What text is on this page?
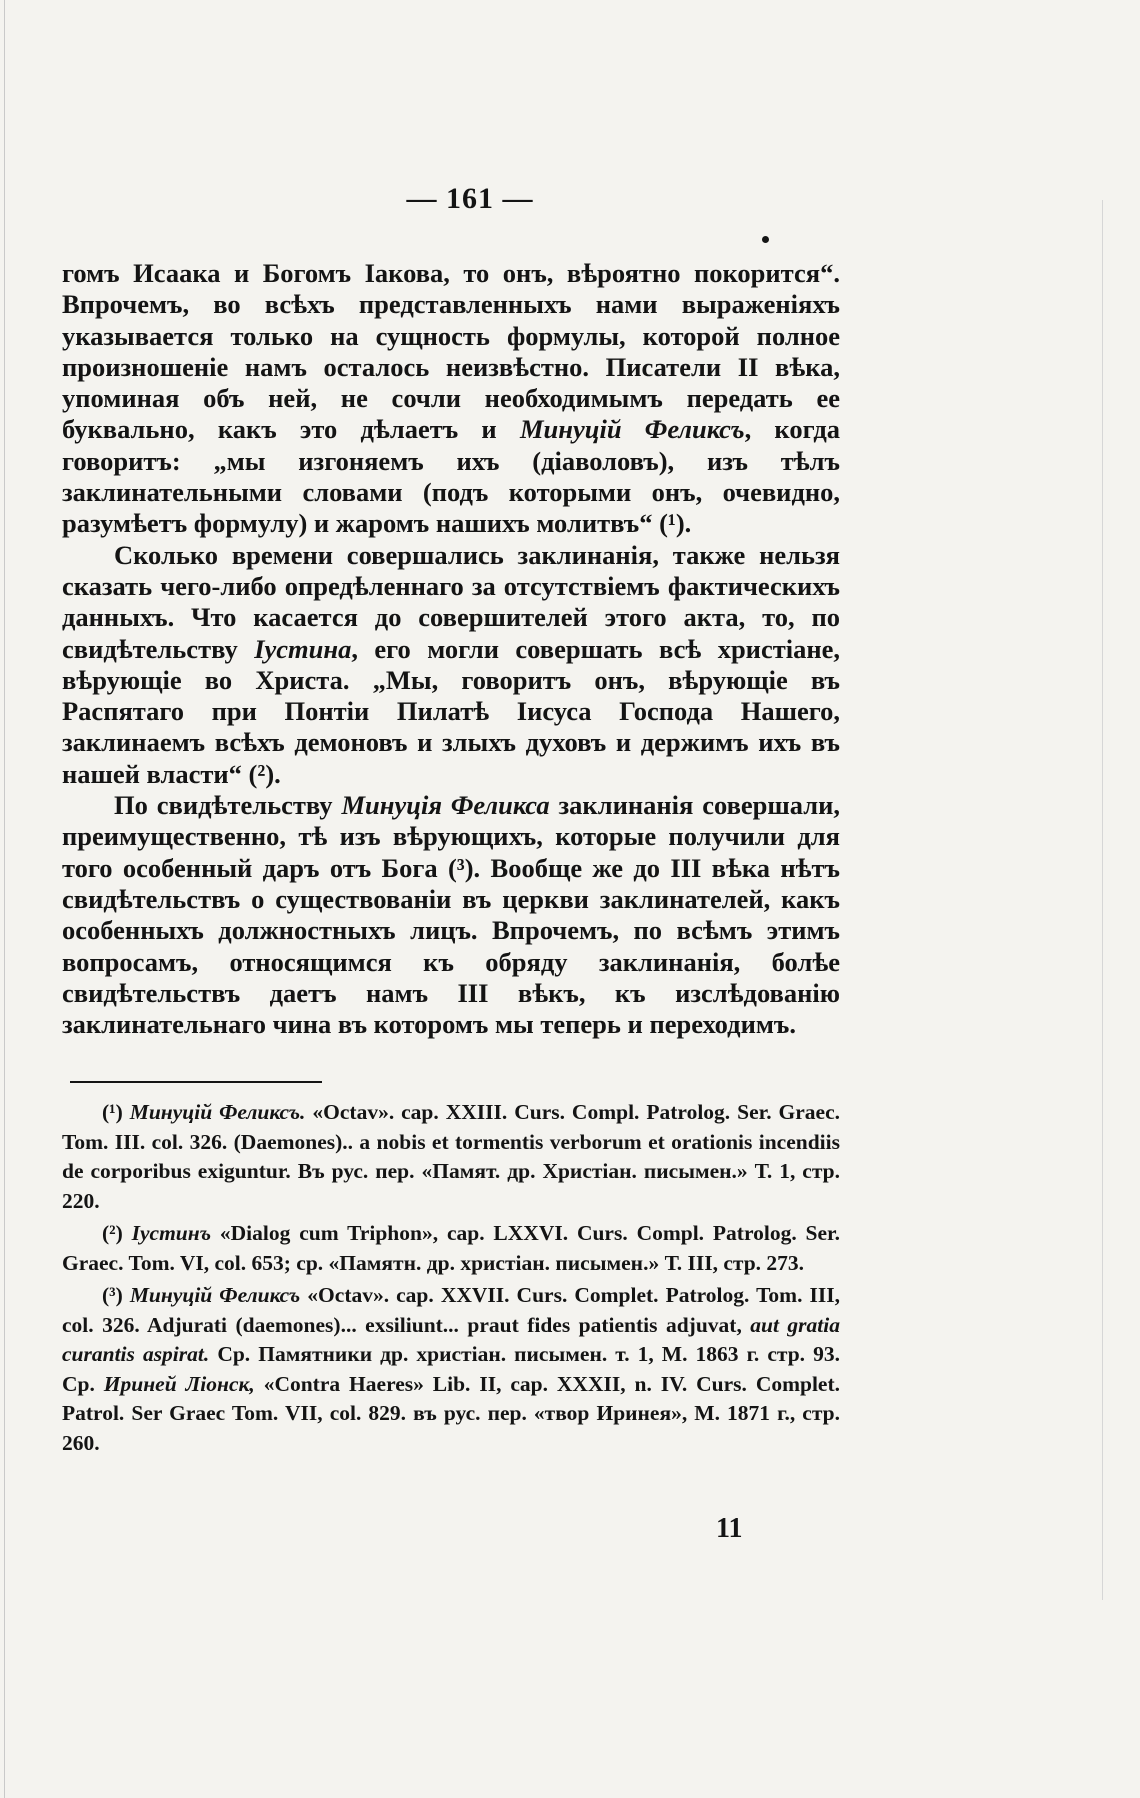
— 161 —

гомъ Исаака и Богомъ Іакова, то онъ, вѣроятно покорится“. Впрочемъ, во всѣхъ представленныхъ нами выраженіяхъ указывается только на сущность формулы, которой полное произношеніе намъ осталось неизвѣстно. Писатели II вѣка, упоминая объ ней, не сочли необходимымъ передать ее буквально, какъ это дѣлаетъ и Минуцій Феликсъ, когда говоритъ: „мы изгоняемъ ихъ (діаволовъ), изъ тѣлъ заклинательными словами (подъ которыми онъ, очевидно, разумѣетъ формулу) и жаромъ нашихъ молитвъ“ (¹).

Сколько времени совершались заклинанія, также нельзя сказать чего-либо опредѣленнаго за отсутствіемъ фактическихъ данныхъ. Что касается до совершителей этого акта, то, по свидѣтельству Іустина, его могли совершать всѣ христіане, вѣрующіе во Христа. „Мы, говоритъ онъ, вѣрующіе въ Распятаго при Понтіи Пилатѣ Іисуса Господа Нашего, заклинаемъ всѣхъ демоновъ и злыхъ духовъ и держимъ ихъ въ нашей власти“ (²).

По свидѣтельству Минуція Феликса заклинанія совершали, преимущественно, тѣ изъ вѣрующихъ, которые получили для того особенный даръ отъ Бога (³). Вообще же до III вѣка нѣтъ свидѣтельствъ о существованіи въ церкви заклинателей, какъ особенныхъ должностныхъ лицъ. Впрочемъ, по всѣмъ этимъ вопросамъ, относящимся къ обряду заклинанія, болѣе свидѣтельствъ даетъ намъ III вѣкъ, къ изслѣдованію заклинательнаго чина въ которомъ мы теперь и переходимъ.

(¹) Минуцій Феликсъ. «Octav». cap. XXIII. Curs. Compl. Patrolog. Ser. Graec. Tom. III. col. 326. (Daemones).. a nobis et tormentis verborum et orationis incendiis de corporibus exiguntur. Въ рус. пер. «Памят. др. Христіан. писымен.» Т. 1, стр. 220.

(²) Іустинъ «Dialog cum Triphon», cap. LXXVI. Curs. Compl. Patrolog. Ser. Graec. Tom. VI, col. 653; ср. «Памятн. др. христіан. писымен.» Т. III, стр. 273.

(³) Минуцій Феликсъ «Octav». cap. XXVII. Curs. Complet. Patrolog. Tom. III, col. 326. Adjurati (daemones)... exsiliunt... praut fides patientis adjuvat, aut gratia curantis aspirat. Ср. Памятники др. христіан. писымен. т. 1, М. 1863 г. стр. 93. Ср. Ириней Ліонск, «Contra Haeres» Lib. II, cap. XXXII, n. IV. Curs. Complet. Patrol. Ser Graec Tom. VII, col. 829. въ рус. пер. «твор Иринея», М. 1871 г., стр. 260.

11
